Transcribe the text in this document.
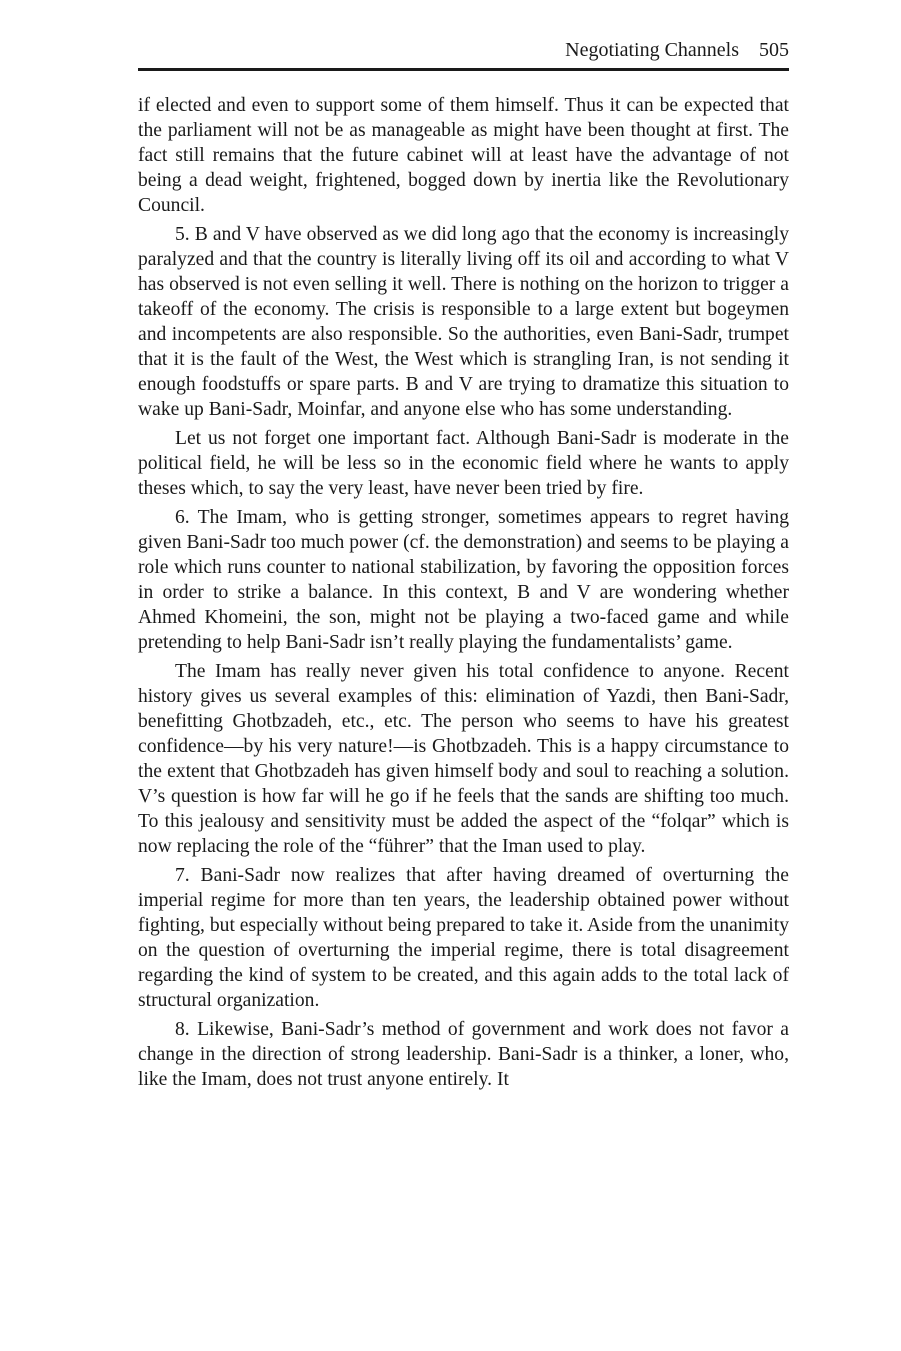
Negotiating Channels 505

if elected and even to support some of them himself. Thus it can be expected that the parliament will not be as manageable as might have been thought at first. The fact still remains that the future cabinet will at least have the advantage of not being a dead weight, frightened, bogged down by inertia like the Revolutionary Council.

5. B and V have observed as we did long ago that the economy is increasingly paralyzed and that the country is literally living off its oil and according to what V has observed is not even selling it well. There is nothing on the horizon to trigger a takeoff of the economy. The crisis is responsible to a large extent but bogeymen and incompetents are also responsible. So the authorities, even Bani-Sadr, trumpet that it is the fault of the West, the West which is strangling Iran, is not sending it enough foodstuffs or spare parts. B and V are trying to dramatize this situation to wake up Bani-Sadr, Moinfar, and anyone else who has some understanding.

Let us not forget one important fact. Although Bani-Sadr is moderate in the political field, he will be less so in the economic field where he wants to apply theses which, to say the very least, have never been tried by fire.

6. The Imam, who is getting stronger, sometimes appears to regret having given Bani-Sadr too much power (cf. the demonstration) and seems to be playing a role which runs counter to national stabilization, by favoring the opposition forces in order to strike a balance. In this context, B and V are wondering whether Ahmed Khomeini, the son, might not be playing a two-faced game and while pretending to help Bani-Sadr isn’t really playing the fundamentalists’ game.

The Imam has really never given his total confidence to anyone. Recent history gives us several examples of this: elimination of Yazdi, then Bani-Sadr, benefitting Ghotbzadeh, etc., etc. The person who seems to have his greatest confidence—by his very nature!—is Ghotbzadeh. This is a happy circumstance to the extent that Ghotbzadeh has given himself body and soul to reaching a solution. V’s question is how far will he go if he feels that the sands are shifting too much. To this jealousy and sensitivity must be added the aspect of the “folqar” which is now replacing the role of the “führer” that the Iman used to play.

7. Bani-Sadr now realizes that after having dreamed of overturning the imperial regime for more than ten years, the leadership obtained power without fighting, but especially without being prepared to take it. Aside from the unanimity on the question of overturning the imperial regime, there is total disagreement regarding the kind of system to be created, and this again adds to the total lack of structural organization.

8. Likewise, Bani-Sadr’s method of government and work does not favor a change in the direction of strong leadership. Bani-Sadr is a thinker, a loner, who, like the Imam, does not trust anyone entirely. It
